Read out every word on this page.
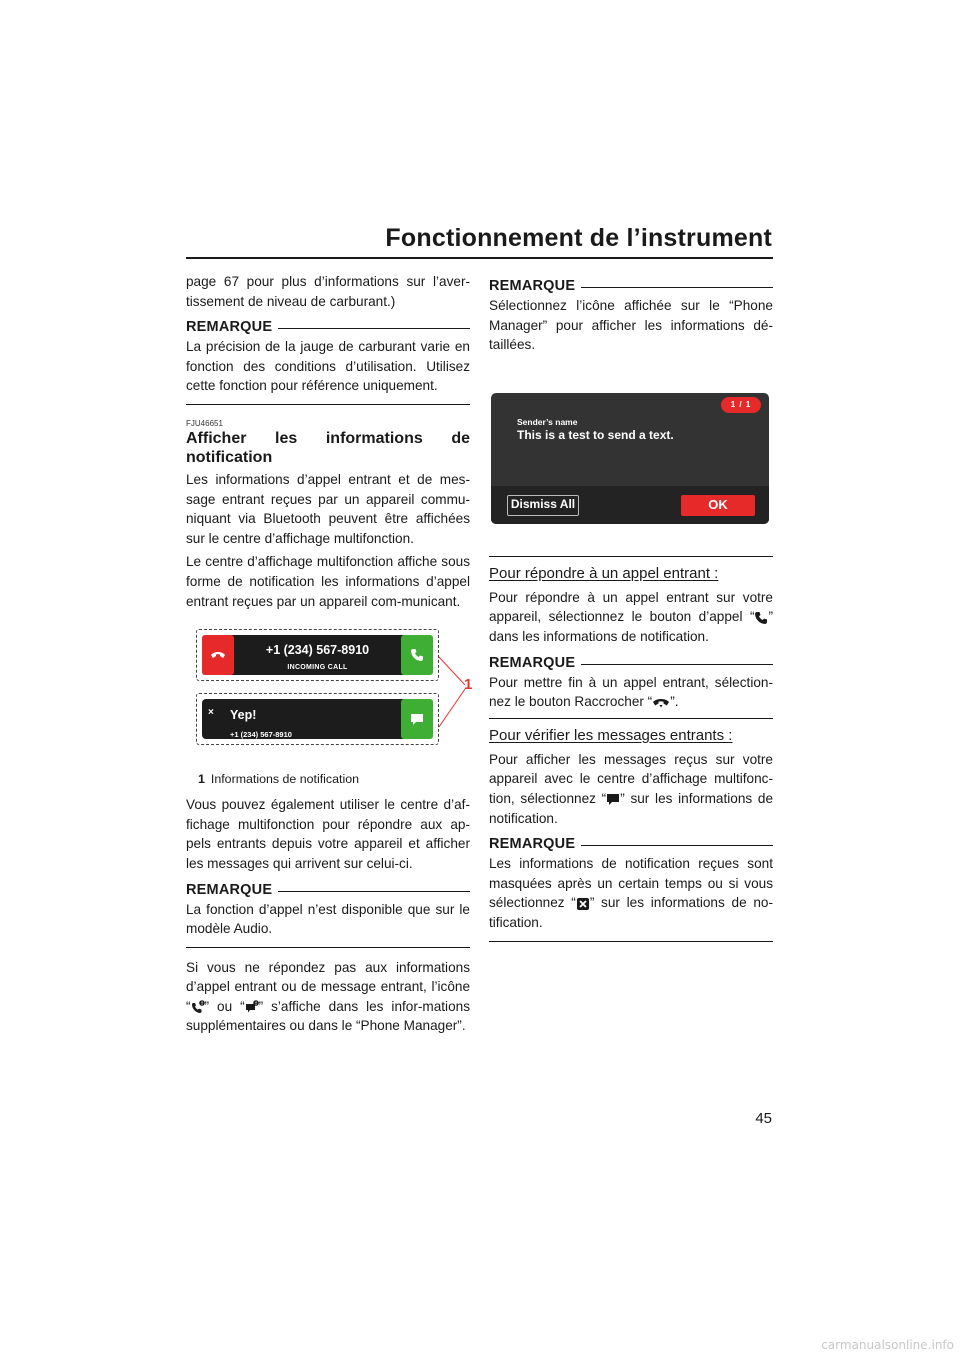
Fonctionnement de l’instrument

page 67 pour plus d’informations sur l’aver-tissement de niveau de carburant.)

REMARQUE

La précision de la jauge de carburant varie en fonction des conditions d’utilisation. Utilisez cette fonction pour référence uniquement.

FJU46651
Afficher les informations de notification

Les informations d’appel entrant et de mes-sage entrant reçues par un appareil commu-niquant via Bluetooth peuvent être affichées sur le centre d’affichage multifonction.

Le centre d’affichage multifonction affiche sous forme de notification les informations d’appel entrant reçues par un appareil com-municant.

+1 (234) 567-8910
INCOMING CALL
× Yep!
+1 (234) 567-8910
1
1 Informations de notification

Vous pouvez également utiliser le centre d’af-fichage multifonction pour répondre aux ap-pels entrants depuis votre appareil et afficher les messages qui arrivent sur celui-ci.

REMARQUE

La fonction d’appel n’est disponible que sur le modèle Audio.

Si vous ne répondez pas aux informations d’appel entrant ou de message entrant, l’icône “ ” ou “ ” s’affiche dans les infor-mations supplémentaires ou dans le “Phone Manager”.

REMARQUE

Sélectionnez l’icône affichée sur le “Phone Manager” pour afficher les informations dé-taillées.

1 / 1
Sender’s name
This is a test to send a text.
Dismiss All	OK
Pour répondre à un appel entrant :

Pour répondre à un appel entrant sur votre appareil, sélectionnez le bouton d’appel “ ” dans les informations de notification.

REMARQUE

Pour mettre fin à un appel entrant, sélection-nez le bouton Raccrocher “ ”.

Pour vérifier les messages entrants :

Pour afficher les messages reçus sur votre appareil avec le centre d’affichage multifonc-tion, sélectionnez “ ” sur les informations de notification.

REMARQUE

Les informations de notification reçues sont masquées après un certain temps ou si vous sélectionnez “ ” sur les informations de no-tification.

45
carmanualsonline.info
